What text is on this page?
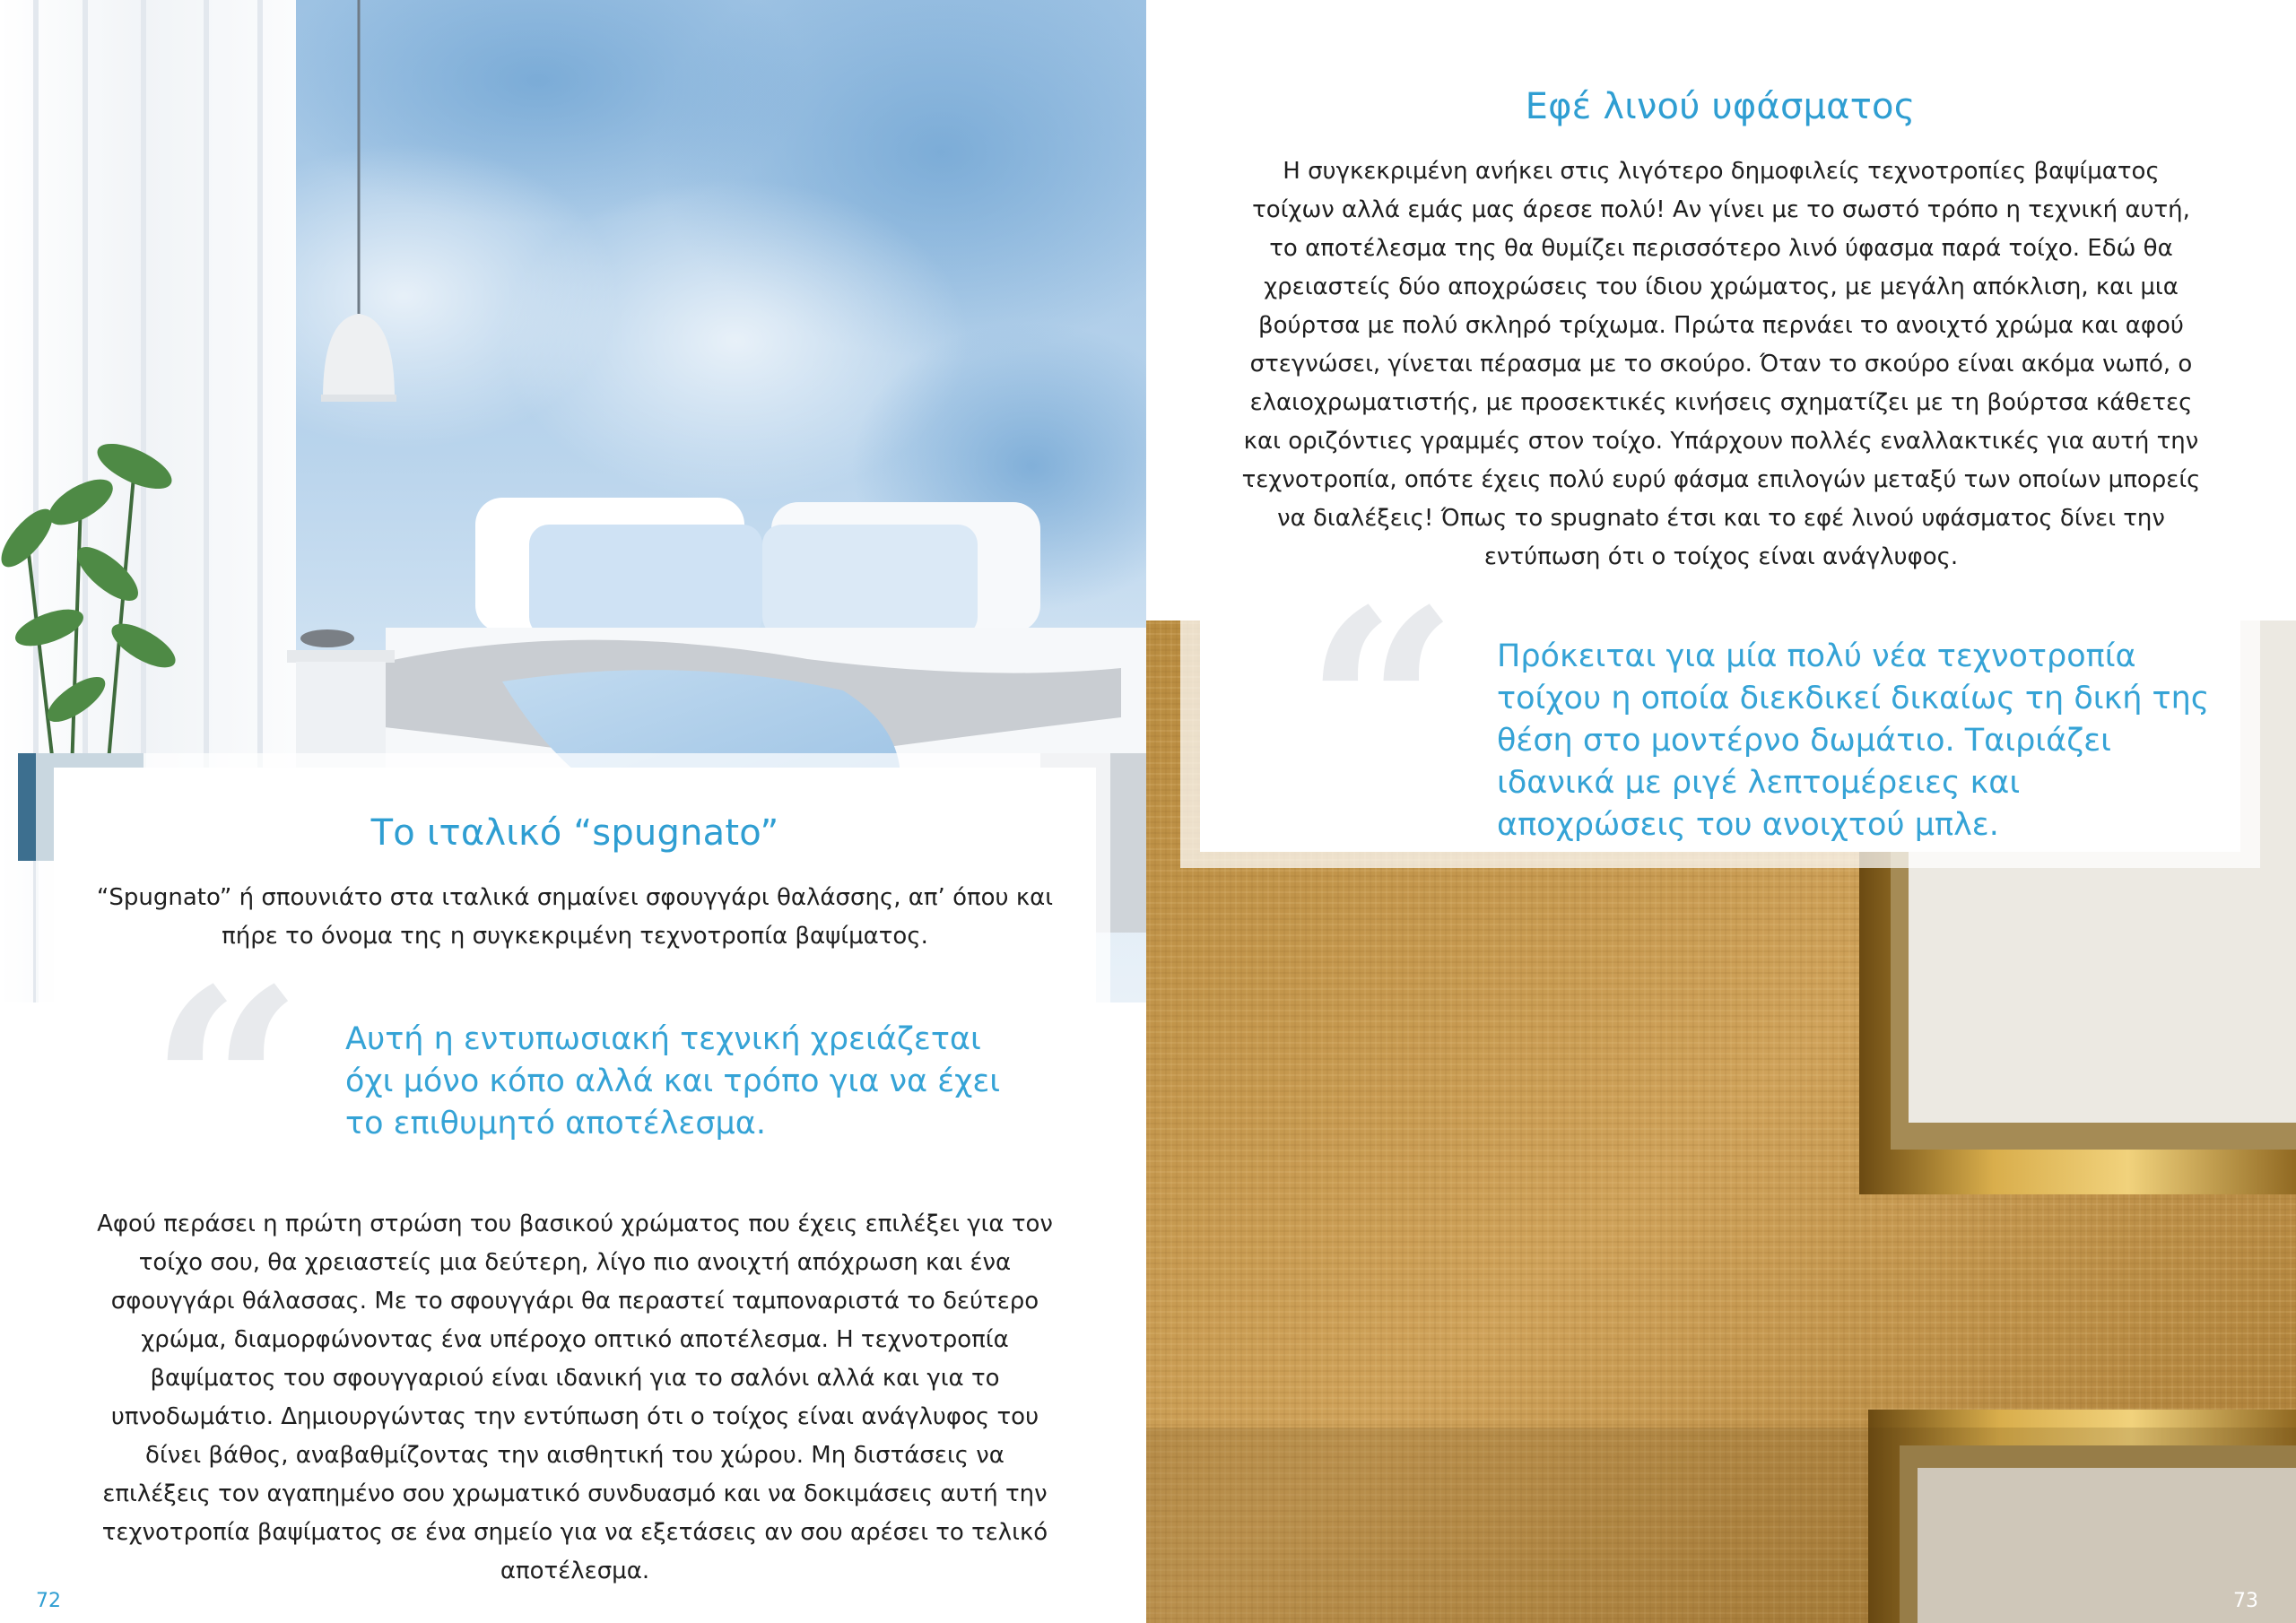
Το ιταλικό “spugnato”

“Spugnato” ή σπουνιάτο στα ιταλικά σημαίνει σφουγγάρι θαλάσσης, απ’ όπου και πήρε το όνομα της η συγκεκριμένη τεχνοτροπία βαψίματος.

“ Αυτή η εντυπωσιακή τεχνική χρειάζεται όχι μόνο κόπο αλλά και τρόπο για να έχει το επιθυμητό αποτέλεσμα.

Αφού περάσει η πρώτη στρώση του βασικού χρώματος που έχεις επιλέξει για τον τοίχο σου, θα χρειαστείς μια δεύτερη, λίγο πιο ανοιχτή απόχρωση και ένα σφουγγάρι θάλασσας. Με το σφουγγάρι θα περαστεί ταμποναριστά το δεύτερο χρώμα, διαμορφώνοντας ένα υπέροχο οπτικό αποτέλεσμα. Η τεχνοτροπία βαψίματος του σφουγγαριού είναι ιδανική για το σαλόνι αλλά και για το υπνοδωμάτιο. Δημιουργώντας την εντύπωση ότι ο τοίχος είναι ανάγλυφος του δίνει βάθος, αναβαθμίζοντας την αισθητική του χώρου. Μη διστάσεις να επιλέξεις τον αγαπημένο σου χρωματικό συνδυασμό και να δοκιμάσεις αυτή την τεχνοτροπία βαψίματος σε ένα σημείο για να εξετάσεις αν σου αρέσει το τελικό αποτέλεσμα.

72
Εφέ λινού υφάσματος

Η συγκεκριμένη ανήκει στις λιγότερο δημοφιλείς τεχνοτροπίες βαψίματος τοίχων αλλά εμάς μας άρεσε πολύ! Αν γίνει με το σωστό τρόπο η τεχνική αυτή, το αποτέλεσμα της θα θυμίζει περισσότερο λινό ύφασμα παρά τοίχο. Εδώ θα χρειαστείς δύο αποχρώσεις του ίδιου χρώματος, με μεγάλη απόκλιση, και μια βούρτσα με πολύ σκληρό τρίχωμα. Πρώτα περνάει το ανοιχτό χρώμα και αφού στεγνώσει, γίνεται πέρασμα με το σκούρο. Όταν το σκούρο είναι ακόμα νωπό, ο ελαιοχρωματιστής, με προσεκτικές κινήσεις σχηματίζει με τη βούρτσα κάθετες και οριζόντιες γραμμές στον τοίχο. Υπάρχουν πολλές εναλλακτικές για αυτή την τεχνοτροπία, οπότε έχεις πολύ ευρύ φάσμα επιλογών μεταξύ των οποίων μπορείς να διαλέξεις! Όπως το spugnato έτσι και το εφέ λινού υφάσματος δίνει την εντύπωση ότι ο τοίχος είναι ανάγλυφος.

“ Πρόκειται για μία πολύ νέα τεχνοτροπία τοίχου η οποία διεκδικεί δικαίως τη δική της θέση στο μοντέρνο δωμάτιο. Ταιριάζει ιδανικά με ριγέ λεπτομέρειες και αποχρώσεις του ανοιχτού μπλε.
73
